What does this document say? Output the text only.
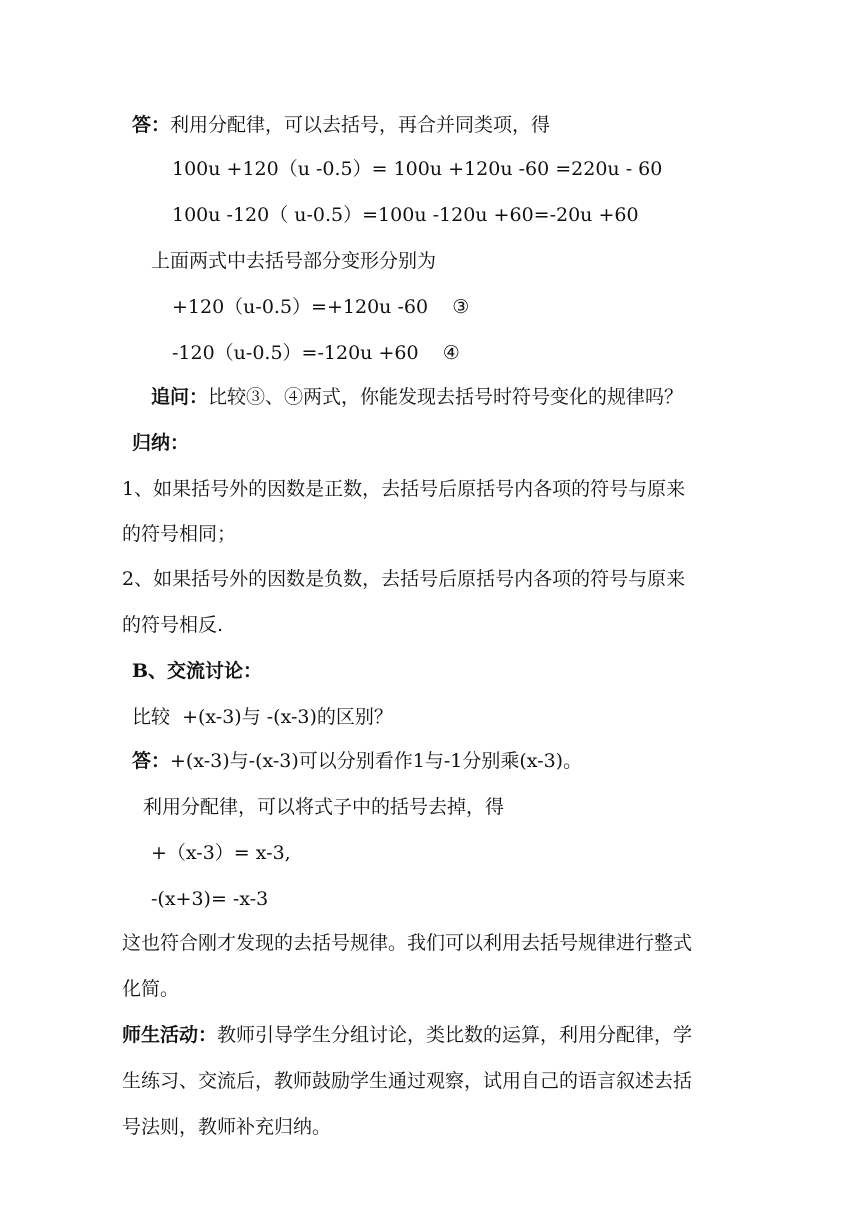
答：利用分配律，可以去括号，再合并同类项，得
100u +120（u -0.5）= 100u +120u -60 =220u - 60
100u -120（ u-0.5）=100u -120u +60=-20u +60
上面两式中去括号部分变形分别为
+120（u-0.5）=+120u -60    ③
-120（u-0.5）=-120u +60    ④
追问：比较③、④两式，你能发现去括号时符号变化的规律吗？
归纳：
1、如果括号外的因数是正数，去括号后原括号内各项的符号与原来
的符号相同；
2、如果括号外的因数是负数，去括号后原括号内各项的符号与原来
的符号相反.
B、交流讨论：
比较  +(x-3)与 -(x-3)的区别？
答：+(x-3)与-(x-3)可以分别看作1与-1分别乘(x-3)。
利用分配律，可以将式子中的括号去掉，得
+（x-3）= x-3,
-(x+3)= -x-3
这也符合刚才发现的去括号规律。我们可以利用去括号规律进行整式
化简。
师生活动：教师引导学生分组讨论，类比数的运算，利用分配律，学
生练习、交流后，教师鼓励学生通过观察，试用自己的语言叙述去括
号法则，教师补充归纳。
